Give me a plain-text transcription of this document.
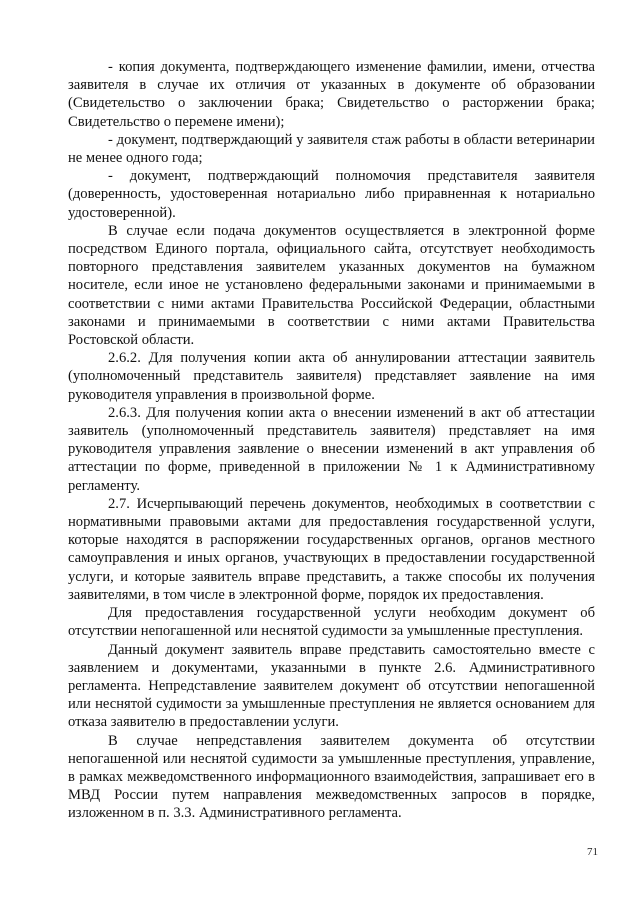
- копия документа, подтверждающего изменение фамилии, имени, отчества заявителя в случае их отличия от указанных в документе об образовании (Свидетельство о заключении брака; Свидетельство о расторжении брака; Свидетельство о перемене имени);

- документ, подтверждающий у заявителя стаж работы в области ветеринарии не менее одного года;

- документ, подтверждающий полномочия представителя заявителя (доверенность, удостоверенная нотариально либо приравненная к нотариально удостоверенной).

В случае если подача документов осуществляется в электронной форме посредством Единого портала, официального сайта, отсутствует необходимость повторного представления заявителем указанных документов на бумажном носителе, если иное не установлено федеральными законами и принимаемыми в соответствии с ними актами Правительства Российской Федерации, областными законами и принимаемыми в соответствии с ними актами Правительства Ростовской области.

2.6.2. Для получения копии акта об аннулировании аттестации заявитель (уполномоченный представитель заявителя) представляет заявление на имя руководителя управления в произвольной форме.

2.6.3. Для получения копии акта о внесении изменений в акт об аттестации заявитель (уполномоченный представитель заявителя) представляет на имя руководителя управления заявление о внесении изменений в акт управления об аттестации по форме, приведенной в приложении № 1 к Административному регламенту.

2.7. Исчерпывающий перечень документов, необходимых в соответствии с нормативными правовыми актами для предоставления государственной услуги, которые находятся в распоряжении государственных органов, органов местного самоуправления и иных органов, участвующих в предоставлении государственной услуги, и которые заявитель вправе представить, а также способы их получения заявителями, в том числе в электронной форме, порядок их предоставления.

Для предоставления государственной услуги необходим документ об отсутствии непогашенной или неснятой судимости за умышленные преступления.

Данный документ заявитель вправе представить самостоятельно вместе с заявлением и документами, указанными в пункте 2.6. Административного регламента. Непредставление заявителем документ об отсутствии непогашенной или неснятой судимости за умышленные преступления не является основанием для отказа заявителю в предоставлении услуги.

В случае непредставления заявителем документа об отсутствии непогашенной или неснятой судимости за умышленные преступления, управление, в рамках межведомственного информационного взаимодействия, запрашивает его в МВД России путем направления межведомственных запросов в порядке, изложенном в п. 3.3. Административного регламента.

71
